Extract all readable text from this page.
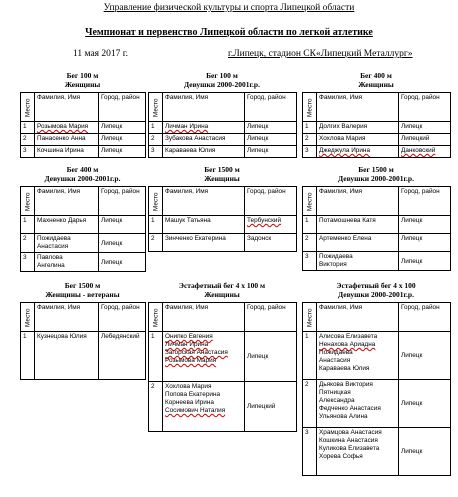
Управление физической культуры и спорта Липецкой области
Чемпионат и первенство Липецкой области по легкой атлетике
11 мая 2017 г.	г.Липецк, стадион СК«Липецкий Металлург»
Бег 100 м
Женщины
Место	Фамилия, Имя	Город, район
1	Розымова Мария	Липецк
2	Панасенко Анна	Липецк
3	Кочшина Ирина	Липецк
Бег 100 м
Девушки 2000-2001г.р.
Место	Фамилия, Имя	Город, район
1	Личман Ирина	Липецк
2	Зубакова Анастасия	Липецк
3	Караваева Юлия	Липецк
Бег 400 м
Женщины
Место	Фамилия, Имя	Город, район
1	Долгих Валерия	Липецк
2	Хохлова Мария	Липецкий
3	Джеджула Ирина	Данковский
Бег 400 м
Девушки 2000-2001г.р.
Место	Фамилия, Имя	Город, район
1	Махненко Дарья	Липецк
2	Пожидаева
Анастасия	Липецк
3	Павлова
Ангелина	Липецк
Бег 1500 м
Женщины
Место	Фамилия, Имя	Город, район
1	Машук Татьяна	Тербунский
2	Зинченко Екатерина	Задонск
Бег 1500 м
Девушки 2000-2001г.р.
Место	Фамилия, Имя	Город, район
1	Потамошнева Катя	Липецк
2	Артеменко Елена	Липецк
3	Пожидаева
Виктория	Липецк
Бег 1500 м
Женщины - ветераны
Место	Фамилия, Имя	Город, район
1	Кузнецова Юлия	Лебедянский
Эстафетный бег 4 х 100 м
Женщины
Место	Фамилия, Имя	Город, район
1	Онипко Евгения
Личман Ирина
Загорская Анастасия
Розымова Мария	Липецк
2	Хохлова Мария
Попова Екатерина
Корнеева Ирина
Сосимович Наталия	Липецкий
Эстафетный бег 4 х 100
Девушки 2000-2001г.р.
Место	Фамилия, Имя	Город, район
1	Алисова Елизавета
Ненахова Ариадна
Пожидаева
Анастасия
Караваева Юлия	Липецк
2	Дьякова Виктория
Пятницкая
Александра
Федченко Анастасия
Ульянова Алина	Липецк
3	Храмцова Анастасия
Кошкина Анастасия
Куликова Елизавета
Хорева Софья	Липецк
